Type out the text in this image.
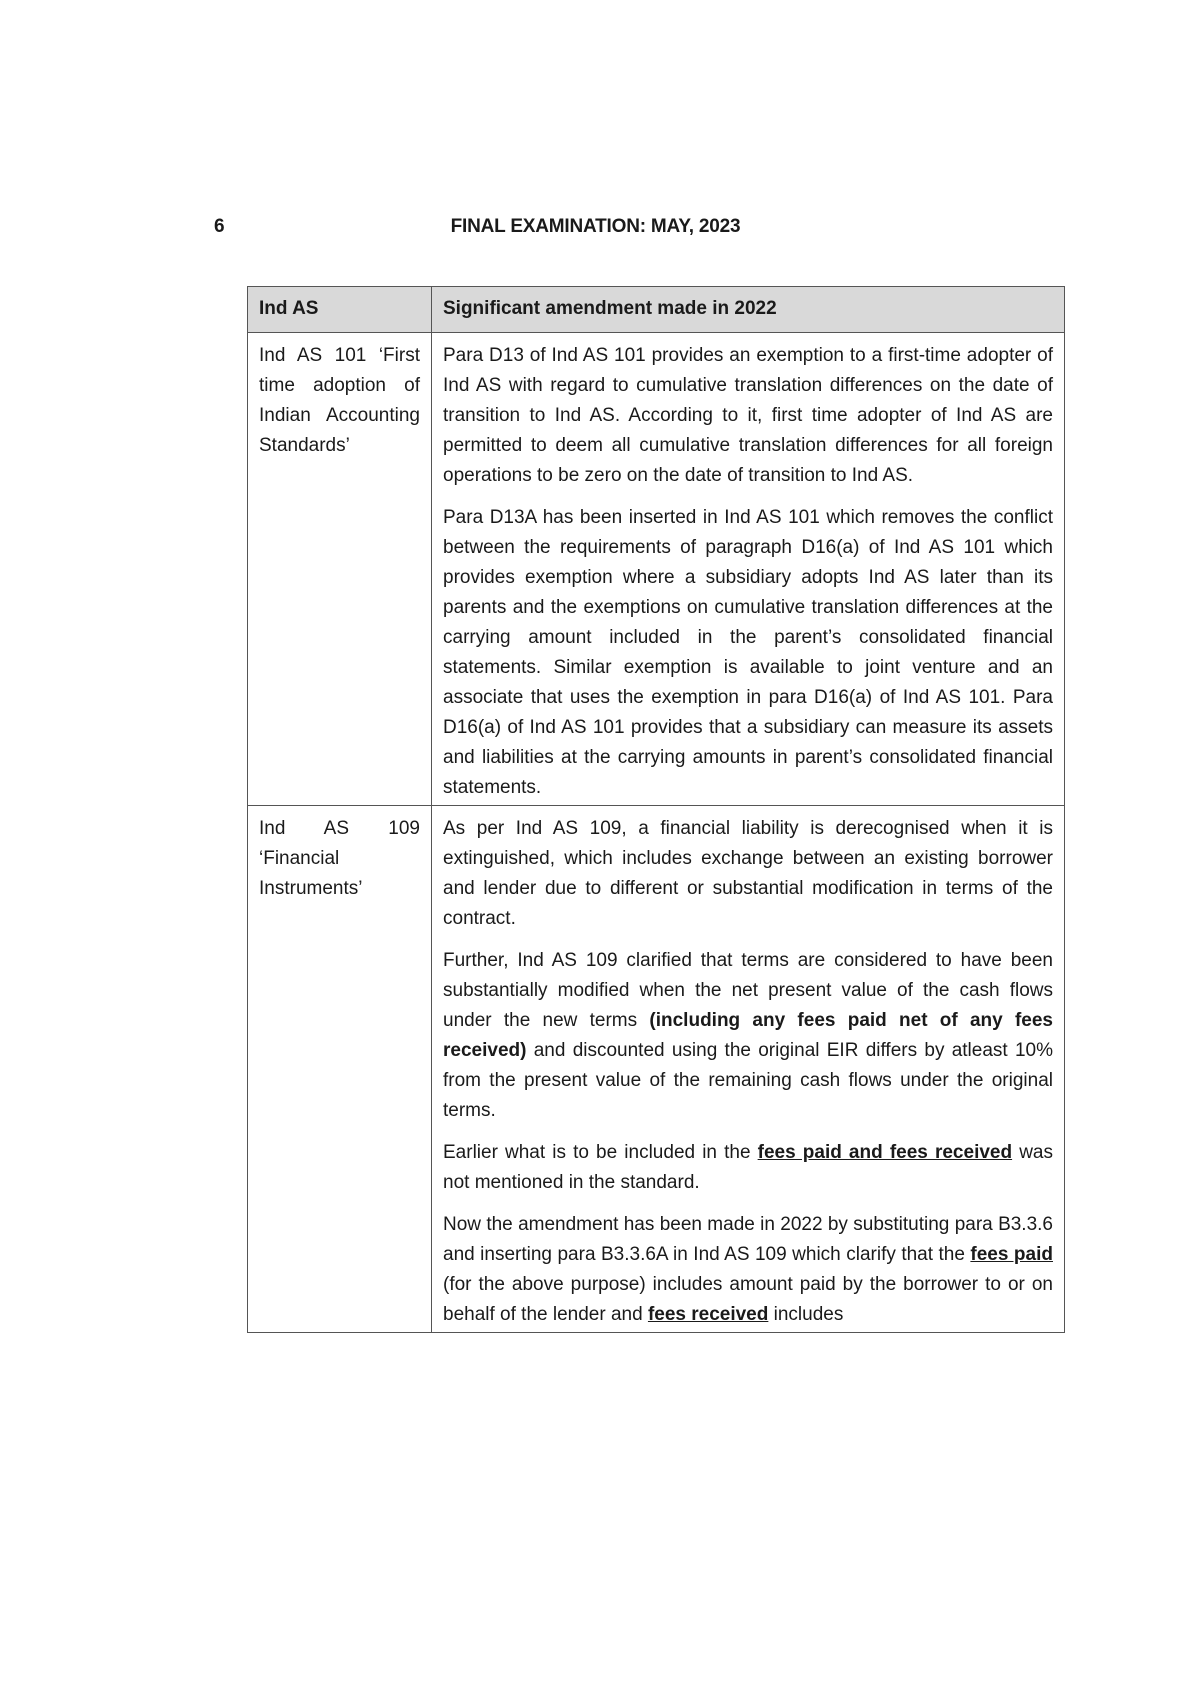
6	FINAL EXAMINATION: MAY, 2023
Ind AS	Significant amendment made in 2022

Ind AS 101 ‘First time adoption of Indian Accounting Standards’	Para D13 of Ind AS 101 provides an exemption to a first-time adopter of Ind AS with regard to cumulative translation differences on the date of transition to Ind AS. According to it, first time adopter of Ind AS are permitted to deem all cumulative translation differences for all foreign operations to be zero on the date of transition to Ind AS.

Para D13A has been inserted in Ind AS 101 which removes the conflict between the requirements of paragraph D16(a) of Ind AS 101 which provides exemption where a subsidiary adopts Ind AS later than its parents and the exemptions on cumulative translation differences at the carrying amount included in the parent’s consolidated financial statements. Similar exemption is available to joint venture and an associate that uses the exemption in para D16(a) of Ind AS 101. Para D16(a) of Ind AS 101 provides that a subsidiary can measure its assets and liabilities at the carrying amounts in parent’s consolidated financial statements.

Ind AS 109 ‘Financial Instruments’	As per Ind AS 109, a financial liability is derecognised when it is extinguished, which includes exchange between an existing borrower and lender due to different or substantial modification in terms of the contract.

Further, Ind AS 109 clarified that terms are considered to have been substantially modified when the net present value of the cash flows under the new terms (including any fees paid net of any fees received) and discounted using the original EIR differs by atleast 10% from the present value of the remaining cash flows under the original terms.

Earlier what is to be included in the fees paid and fees received was not mentioned in the standard.

Now the amendment has been made in 2022 by substituting para B3.3.6 and inserting para B3.3.6A in Ind AS 109 which clarify that the fees paid (for the above purpose) includes amount paid by the borrower to or on behalf of the lender and fees received includes
